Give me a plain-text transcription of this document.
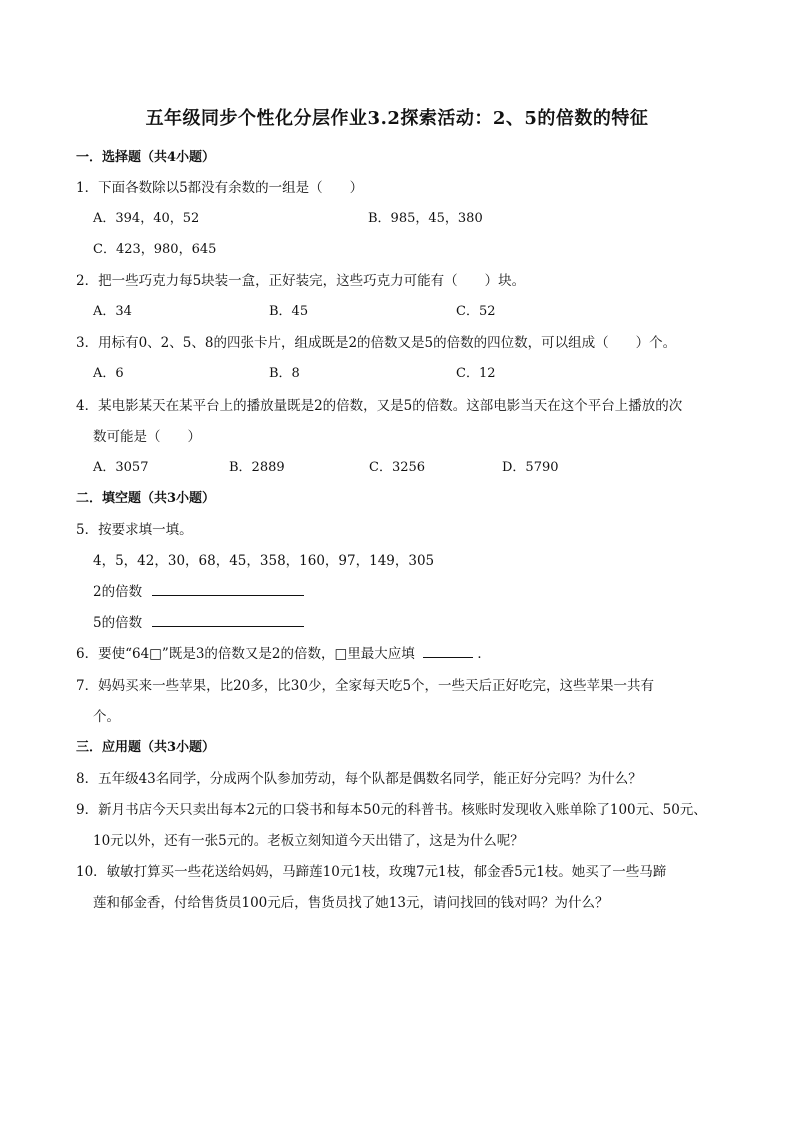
五年级同步个性化分层作业3.2探索活动：2、5的倍数的特征
一．选择题（共4小题）
1．下面各数除以5都没有余数的一组是（　　）
A．394，40，52	B．985，45，380
C．423，980，645
2．把一些巧克力每5块装一盒，正好装完，这些巧克力可能有（　　）块。
A．34	B．45	C．52
3．用标有0、2、5、8的四张卡片，组成既是2的倍数又是5的倍数的四位数，可以组成（　　）个。
A．6	B．8	C．12
4．某电影某天在某平台上的播放量既是2的倍数，又是5的倍数。这部电影当天在这个平台上播放的次
数可能是（　　）
A．3057	B．2889	C．3256	D．5790
二．填空题（共3小题）
5．按要求填一填。
4，5，42，30，68，45，358，160，97，149，305
2的倍数
5的倍数
6．要使“64□”既是3的倍数又是2的倍数，□里最大应填	．
7．妈妈买来一些苹果，比20多，比30少，全家每天吃5个，一些天后正好吃完，这些苹果一共有
个。
三．应用题（共3小题）
8．五年级43名同学，分成两个队参加劳动，每个队都是偶数名同学，能正好分完吗？为什么？
9．新月书店今天只卖出每本2元的口袋书和每本50元的科普书。核账时发现收入账单除了100元、50元、
10元以外，还有一张5元的。老板立刻知道今天出错了，这是为什么呢？
10．敏敏打算买一些花送给妈妈，马蹄莲10元1枝，玫瑰7元1枝，郁金香5元1枝。她买了一些马蹄
莲和郁金香，付给售货员100元后，售货员找了她13元，请问找回的钱对吗？为什么？
